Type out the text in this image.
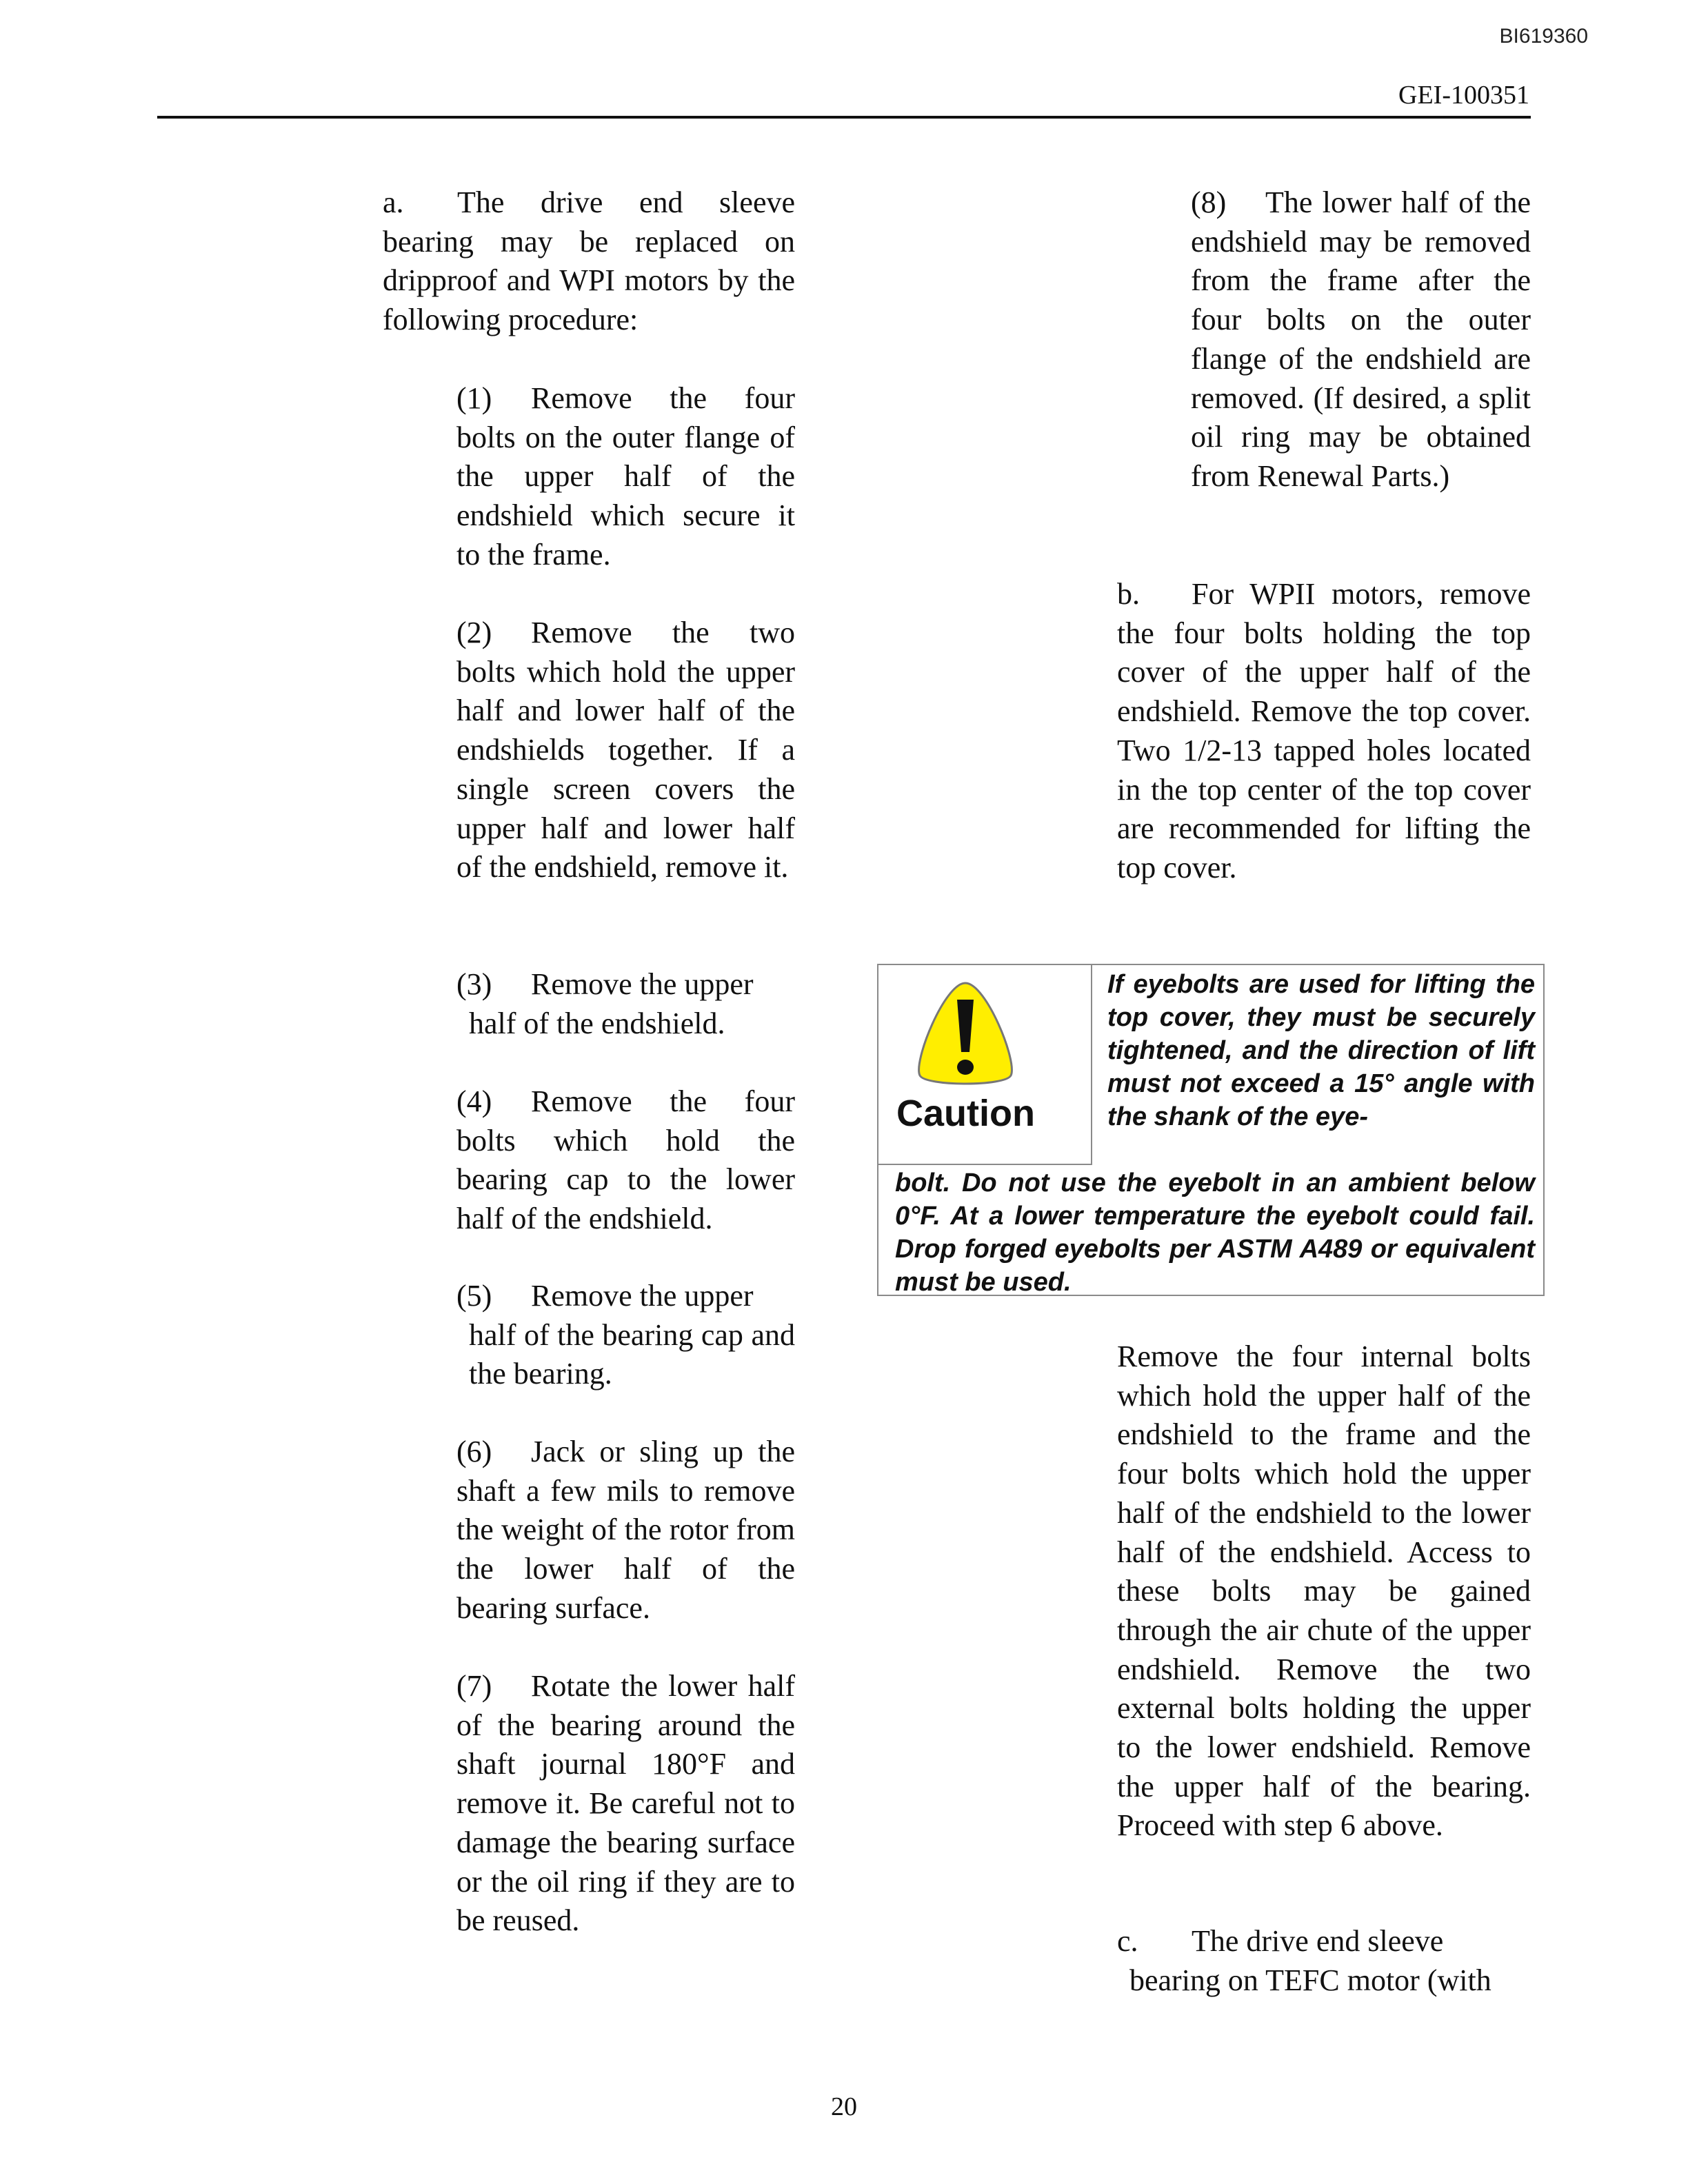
BI619360
GEI-100351

a. The drive end sleeve bearing may be replaced on dripproof and WPI motors by the following procedure:

(1) Remove the four bolts on the outer flange of the upper half of the endshield which secure it to the frame.

(2) Remove the two bolts which hold the upper half and lower half of the endshields together. If a single screen covers the upper half and lower half of the endshield, remove it.

(3) Remove the upper
half of the endshield.

(4) Remove the four bolts which hold the bearing cap to the lower half of the endshield.

(5) Remove the upper
half of the bearing cap and the bearing.

(6) Jack or sling up the shaft a few mils to remove the weight of the rotor from the lower half of the bearing surface.

(7) Rotate the lower half of the bearing around the shaft journal 180°F and remove it. Be careful not to damage the bearing surface or the oil ring if they are to be reused.

(8) The lower half of the endshield may be removed from the frame after the four bolts on the outer flange of the endshield are removed. (If desired, a split oil ring may be obtained from Renewal Parts.)

b. For WPII motors, remove the four bolts holding the top cover of the upper half of the endshield. Remove the top cover. Two 1/2-13 tapped holes located in the top center of the top cover are recommended for lifting the top cover.

Caution

If eyebolts are used for lifting the top cover, they must be securely tightened, and the direction of lift must not exceed a 15° angle with the shank of the eye-

bolt. Do not use the eyebolt in an ambient below 0°F. At a lower temperature the eyebolt could fail. Drop forged eyebolts per ASTM A489 or equivalent must be used.

Remove the four internal bolts which hold the upper half of the endshield to the frame and the four bolts which hold the upper half of the endshield to the lower half of the endshield. Access to these bolts may be gained through the air chute of the upper endshield. Remove the two external bolts holding the upper to the lower endshield. Remove the upper half of the bearing. Proceed with step 6 above.

c. The drive end sleeve
bearing on TEFC motor (with

20
